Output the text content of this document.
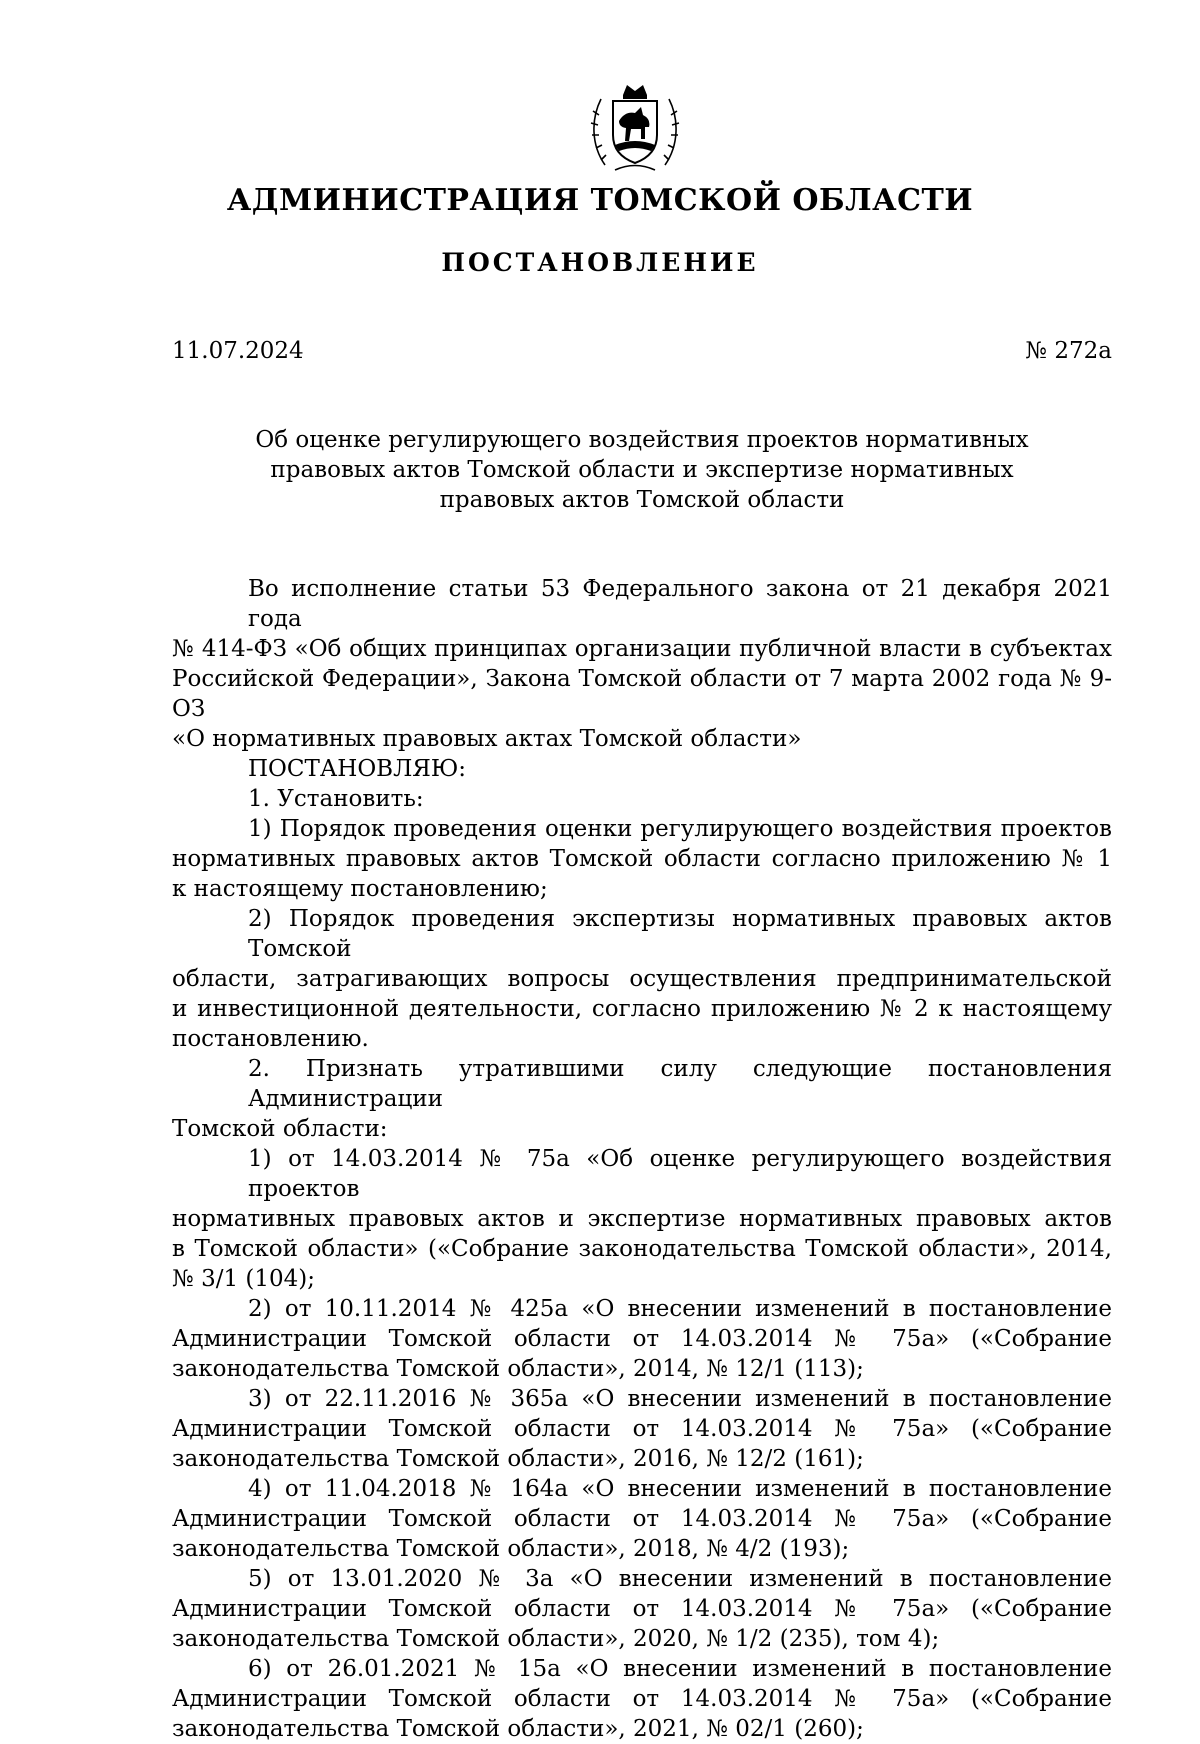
АДМИНИСТРАЦИЯ ТОМСКОЙ ОБЛАСТИ
ПОСТАНОВЛЕНИЕ
11.07.2024	№ 272а
Об оценке регулирующего воздействия проектов нормативных
правовых актов Томской области и экспертизе нормативных
правовых актов Томской области
Во исполнение статьи 53 Федерального закона от 21 декабря 2021 года
№ 414-ФЗ «Об общих принципах организации публичной власти в субъектах
Российской Федерации», Закона Томской области от 7 марта 2002 года № 9-ОЗ
«О нормативных правовых актах Томской области»
ПОСТАНОВЛЯЮ:
1. Установить:
1) Порядок проведения оценки регулирующего воздействия проектов
нормативных правовых актов Томской области согласно приложению № 1
к настоящему постановлению;
2) Порядок проведения экспертизы нормативных правовых актов Томской
области, затрагивающих вопросы осуществления предпринимательской
и инвестиционной деятельности, согласно приложению № 2 к настоящему
постановлению.
2. Признать утратившими силу следующие постановления Администрации
Томской области:
1) от 14.03.2014 № 75а «Об оценке регулирующего воздействия проектов
нормативных правовых актов и экспертизе нормативных правовых актов
в Томской области» («Собрание законодательства Томской области», 2014,
№ 3/1 (104);
2) от 10.11.2014 № 425а «О внесении изменений в постановление
Администрации Томской области от 14.03.2014 № 75а» («Собрание
законодательства Томской области», 2014, № 12/1 (113);
3) от 22.11.2016 № 365а «О внесении изменений в постановление
Администрации Томской области от 14.03.2014 № 75а» («Собрание
законодательства Томской области», 2016, № 12/2 (161);
4) от 11.04.2018 № 164а «О внесении изменений в постановление
Администрации Томской области от 14.03.2014 № 75а» («Собрание
законодательства Томской области», 2018, № 4/2 (193);
5) от 13.01.2020 № 3а «О внесении изменений в постановление
Администрации Томской области от 14.03.2014 № 75а» («Собрание
законодательства Томской области», 2020, № 1/2 (235), том 4);
6) от 26.01.2021 № 15а «О внесении изменений в постановление
Администрации Томской области от 14.03.2014 № 75а» («Собрание
законодательства Томской области», 2021, № 02/1 (260);
